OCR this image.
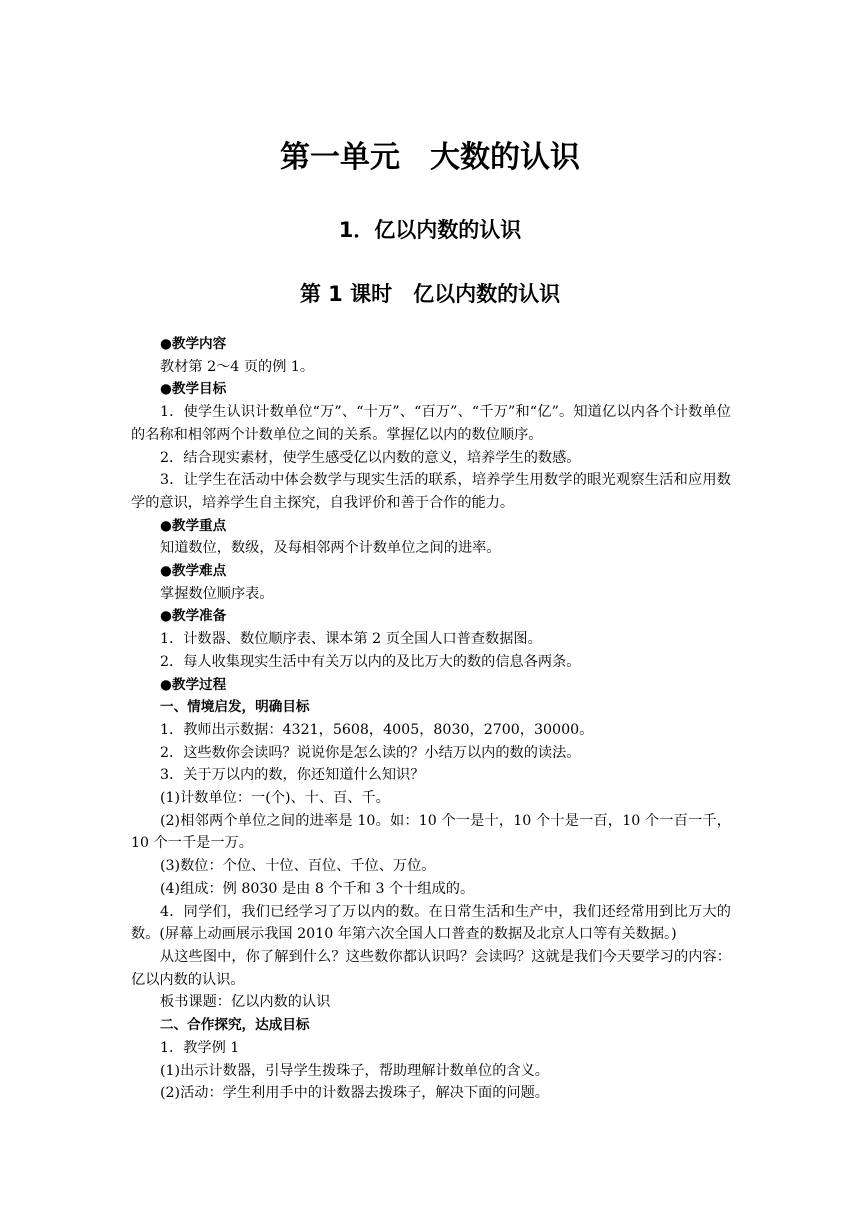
第一单元　大数的认识
1．亿以内数的认识
第 1 课时　亿以内数的认识

●教学内容

教材第 2～4 页的例 1。

●教学目标

1．使学生认识计数单位“万”、“十万”、“百万”、“千万”和“亿”。知道亿以内各个计数单位的名称和相邻两个计数单位之间的关系。掌握亿以内的数位顺序。

2．结合现实素材，使学生感受亿以内数的意义，培养学生的数感。

3．让学生在活动中体会数学与现实生活的联系，培养学生用数学的眼光观察生活和应用数学的意识，培养学生自主探究，自我评价和善于合作的能力。

●教学重点

知道数位，数级，及每相邻两个计数单位之间的进率。

●教学难点

掌握数位顺序表。

●教学准备

1．计数器、数位顺序表、课本第 2 页全国人口普查数据图。

2．每人收集现实生活中有关万以内的及比万大的数的信息各两条。

●教学过程

一、情境启发，明确目标

1．教师出示数据：4321，5608，4005，8030，2700，30000。

2．这些数你会读吗？说说你是怎么读的？小结万以内的数的读法。

3．关于万以内的数，你还知道什么知识？

(1)计数单位：一(个)、十、百、千。

(2)相邻两个单位之间的进率是 10。如：10 个一是十，10 个十是一百，10 个一百一千，10 个一千是一万。

(3)数位：个位、十位、百位、千位、万位。

(4)组成：例 8030 是由 8 个千和 3 个十组成的。

4．同学们，我们已经学习了万以内的数。在日常生活和生产中，我们还经常用到比万大的数。(屏幕上动画展示我国 2010 年第六次全国人口普查的数据及北京人口等有关数据。)

从这些图中，你了解到什么？这些数你都认识吗？会读吗？这就是我们今天要学习的内容：亿以内数的认识。

板书课题：亿以内数的认识

二、合作探究，达成目标

1．教学例 1

(1)出示计数器，引导学生拨珠子，帮助理解计数单位的含义。

(2)活动：学生利用手中的计数器去拨珠子，解决下面的问题。
